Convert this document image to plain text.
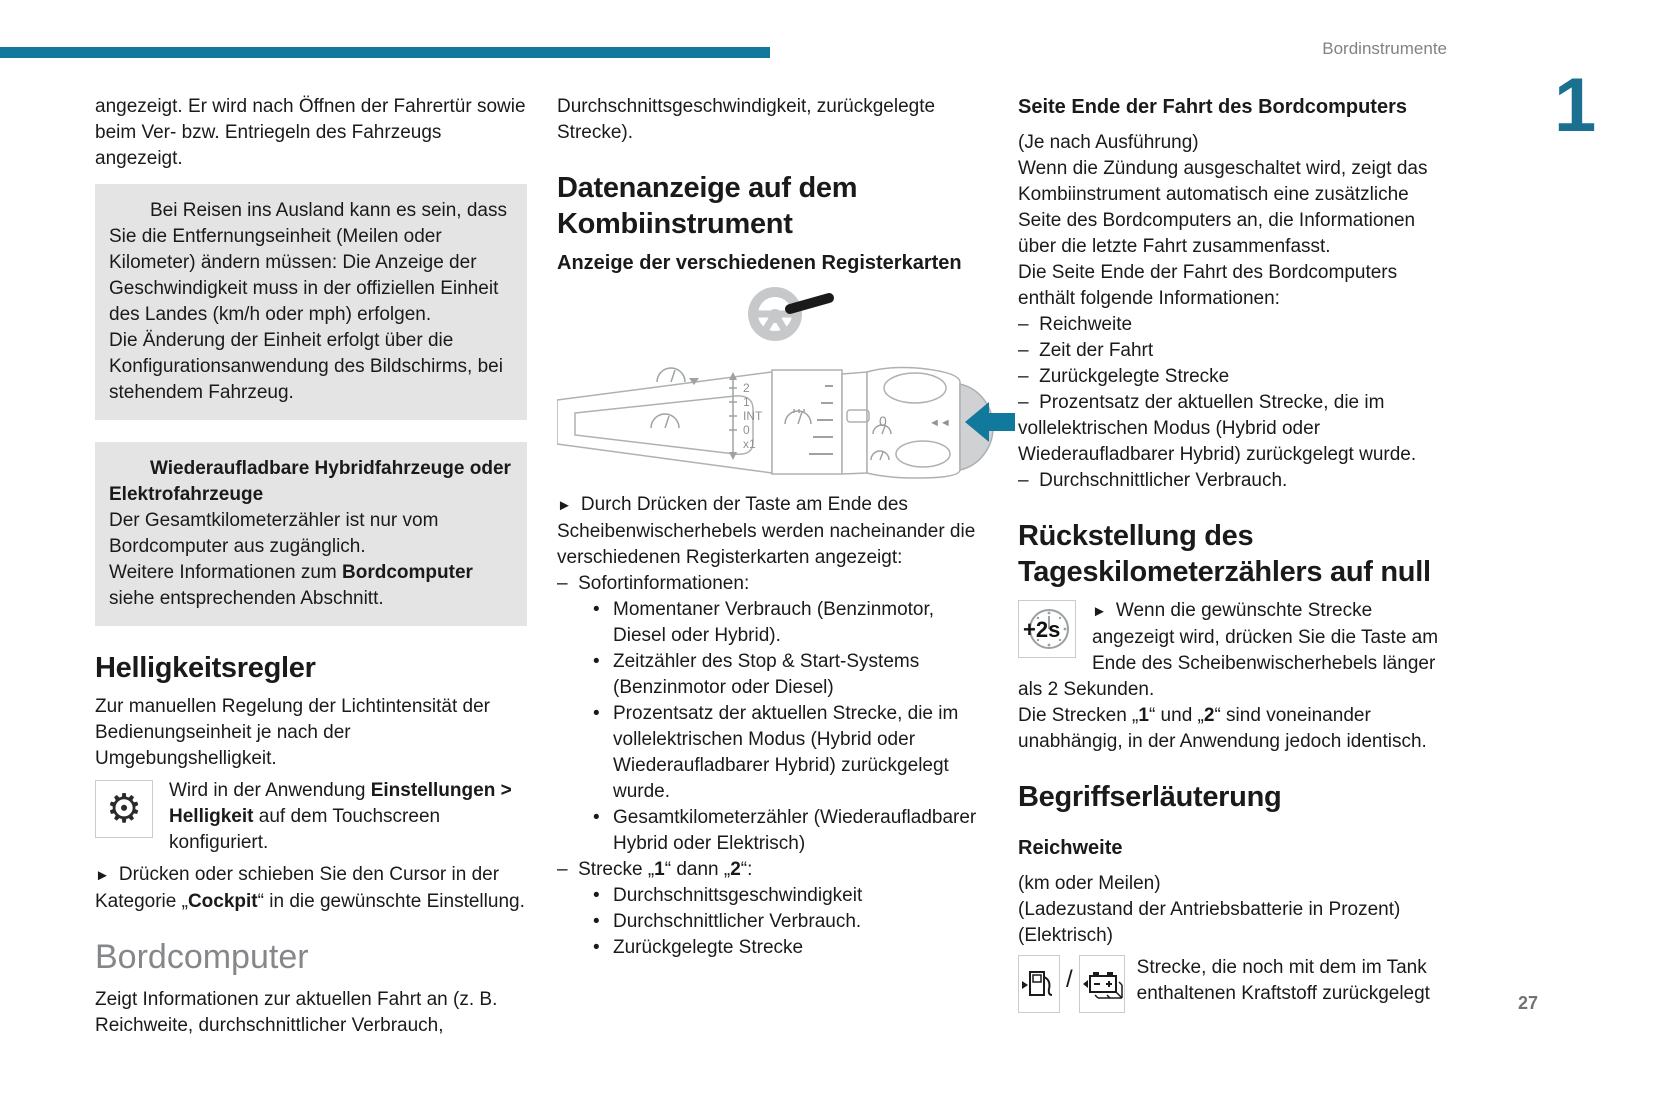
Bordinstrumente
1
27

angezeigt. Er wird nach Öffnen der Fahrertür sowie beim Ver- bzw. Entriegeln des Fahrzeugs angezeigt.

Bei Reisen ins Ausland kann es sein, dass Sie die Entfernungseinheit (Meilen oder Kilometer) ändern müssen: Die Anzeige der Geschwindigkeit muss in der offiziellen Einheit des Landes (km/h oder mph) erfolgen.

Die Änderung der Einheit erfolgt über die Konfigurationsanwendung des Bildschirms, bei stehendem Fahrzeug.

Wiederaufladbare Hybridfahrzeuge oder Elektrofahrzeuge

Der Gesamtkilometerzähler ist nur vom Bordcomputer aus zugänglich.

Weitere Informationen zum Bordcomputer siehe entsprechenden Abschnitt.

Helligkeitsregler

Zur manuellen Regelung der Lichtintensität der Bedienungseinheit je nach der Umgebungshelligkeit.

⚙	Wird in der Anwendung Einstellungen > Helligkeit auf dem Touchscreen konfiguriert.

► Drücken oder schieben Sie den Cursor in der Kategorie „Cockpit“ in die gewünschte Einstellung.

Bordcomputer

Zeigt Informationen zur aktuellen Fahrt an (z. B. Reichweite, durchschnittlicher Verbrauch,

Durchschnittsgeschwindigkeit, zurückgelegte Strecke).

Datenanzeige auf dem Kombiinstrument
Anzeige der verschiedenen Registerkarten
2
1
INT
0
x1
0	◄◄

► Durch Drücken der Taste am Ende des Scheibenwischerhebels werden nacheinander die verschiedenen Registerkarten angezeigt:

–  Sofortinformationen:
• Momentaner Verbrauch (Benzinmotor, Diesel oder Hybrid).
• Zeitzähler des Stop & Start-Systems (Benzinmotor oder Diesel)
• Prozentsatz der aktuellen Strecke, die im vollelektrischen Modus (Hybrid oder Wiederaufladbarer Hybrid) zurückgelegt wurde.
• Gesamtkilometerzähler (Wiederaufladbarer Hybrid oder Elektrisch)
–  Strecke „1“ dann „2“:
• Durchschnittsgeschwindigkeit
• Durchschnittlicher Verbrauch.
• Zurückgelegte Strecke
Seite Ende der Fahrt des Bordcomputers

(Je nach Ausführung)

Wenn die Zündung ausgeschaltet wird, zeigt das Kombiinstrument automatisch eine zusätzliche Seite des Bordcomputers an, die Informationen über die letzte Fahrt zusammenfasst.

Die Seite Ende der Fahrt des Bordcomputers enthält folgende Informationen:

–  Reichweite
–  Zeit der Fahrt
–  Zurückgelegte Strecke
–  Prozentsatz der aktuellen Strecke, die im vollelektrischen Modus (Hybrid oder Wiederaufladbarer Hybrid) zurückgelegt wurde.
–  Durchschnittlicher Verbrauch.
Rückstellung des Tageskilometerzählers auf null
+2s

► Wenn die gewünschte Strecke angezeigt wird, drücken Sie die Taste am Ende des Scheibenwischerhebels länger als 2 Sekunden.

Die Strecken „1“ und „2“ sind voneinander unabhängig, in der Anwendung jedoch identisch.

Begriffserläuterung
Reichweite

(km oder Meilen)

(Ladezustand der Antriebsbatterie in Prozent)

(Elektrisch)

/	Strecke, die noch mit dem im Tank enthaltenen Kraftstoff zurückgelegt
